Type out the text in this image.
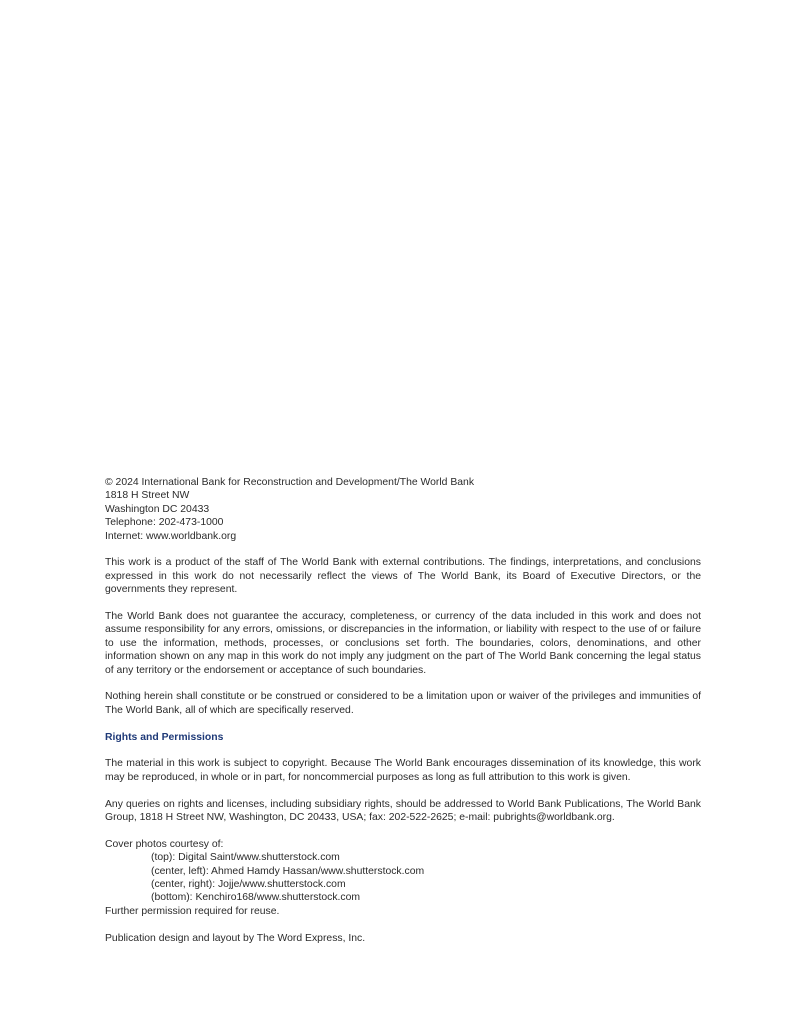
© 2024 International Bank for Reconstruction and Development/The World Bank
1818 H Street NW
Washington DC 20433
Telephone: 202-473-1000
Internet: www.worldbank.org

This work is a product of the staff of The World Bank with external contributions. The findings, interpretations, and conclusions expressed in this work do not necessarily reflect the views of The World Bank, its Board of Executive Directors, or the governments they represent.

The World Bank does not guarantee the accuracy, completeness, or currency of the data included in this work and does not assume responsibility for any errors, omissions, or discrepancies in the information, or liability with respect to the use of or failure to use the information, methods, processes, or conclusions set forth. The boundaries, colors, denominations, and other information shown on any map in this work do not imply any judgment on the part of The World Bank concerning the legal status of any territory or the endorsement or acceptance of such boundaries.

Nothing herein shall constitute or be construed or considered to be a limitation upon or waiver of the privileges and immunities of The World Bank, all of which are specifically reserved.

Rights and Permissions

The material in this work is subject to copyright. Because The World Bank encourages dissemination of its knowledge, this work may be reproduced, in whole or in part, for noncommercial purposes as long as full attribution to this work is given.

Any queries on rights and licenses, including subsidiary rights, should be addressed to World Bank Publications, The World Bank Group, 1818 H Street NW, Washington, DC 20433, USA; fax: 202-522-2625; e-mail: pubrights@worldbank.org.

Cover photos courtesy of:
(top): Digital Saint/www.shutterstock.com
(center, left): Ahmed Hamdy Hassan/www.shutterstock.com
(center, right): Jojje/www.shutterstock.com
(bottom): Kenchiro168/www.shutterstock.com
Further permission required for reuse.
Publication design and layout by The Word Express, Inc.
